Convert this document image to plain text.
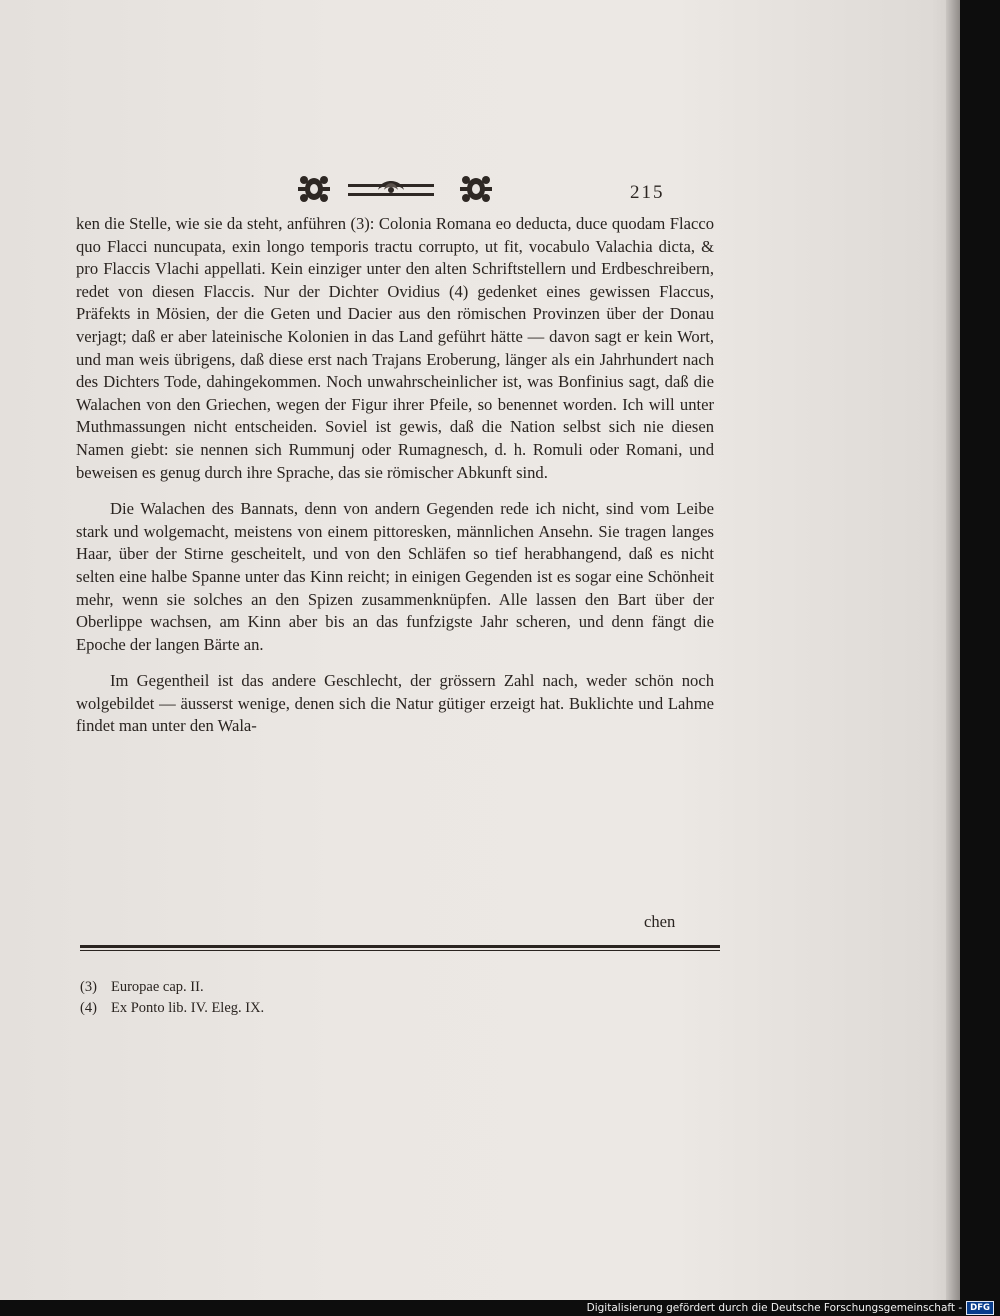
215

ken die Stelle, wie sie da steht, anführen (3): Colonia Romana eo deducta, duce quodam Flacco quo Flacci nuncupata, exin longo temporis tractu corrupto, ut fit, vocabulo Valachia dicta, & pro Flaccis Vlachi appellati. Kein einziger unter den alten Schriftstellern und Erdbeschreibern, redet von diesen Flaccis. Nur der Dichter Ovidius (4) gedenket eines gewissen Flaccus, Präfekts in Mösien, der die Geten und Dacier aus den römischen Provinzen über der Donau verjagt; daß er aber lateinische Kolonien in das Land geführt hätte — davon sagt er kein Wort, und man weis übrigens, daß diese erst nach Trajans Eroberung, länger als ein Jahrhundert nach des Dichters Tode, dahingekommen. Noch unwahrscheinlicher ist, was Bonfinius sagt, daß die Walachen von den Griechen, wegen der Figur ihrer Pfeile, so benennet worden. Ich will unter Muthmassungen nicht entscheiden. Soviel ist gewis, daß die Nation selbst sich nie diesen Namen giebt: sie nennen sich Rummunj oder Rumagnesch, d. h. Romuli oder Romani, und beweisen es genug durch ihre Sprache, das sie römischer Abkunft sind.

Die Walachen des Bannats, denn von andern Gegenden rede ich nicht, sind vom Leibe stark und wolgemacht, meistens von einem pittoresken, männlichen Ansehn. Sie tragen langes Haar, über der Stirne gescheitelt, und von den Schläfen so tief herabhangend, daß es nicht selten eine halbe Spanne unter das Kinn reicht; in einigen Gegenden ist es sogar eine Schönheit mehr, wenn sie solches an den Spizen zusammenknüpfen. Alle lassen den Bart über der Oberlippe wachsen, am Kinn aber bis an das funfzigste Jahr scheren, und denn fängt die Epoche der langen Bärte an.

Im Gegentheil ist das andere Geschlecht, der grössern Zahl nach, weder schön noch wolgebildet — äusserst wenige, denen sich die Natur gütiger erzeigt hat. Buklichte und Lahme findet man unter den Wala-

chen
(3) Europae cap. II.
(4) Ex Ponto lib. IV. Eleg. IX.
Digitalisierung gefördert durch die Deutsche Forschungsgemeinschaft - DFG
